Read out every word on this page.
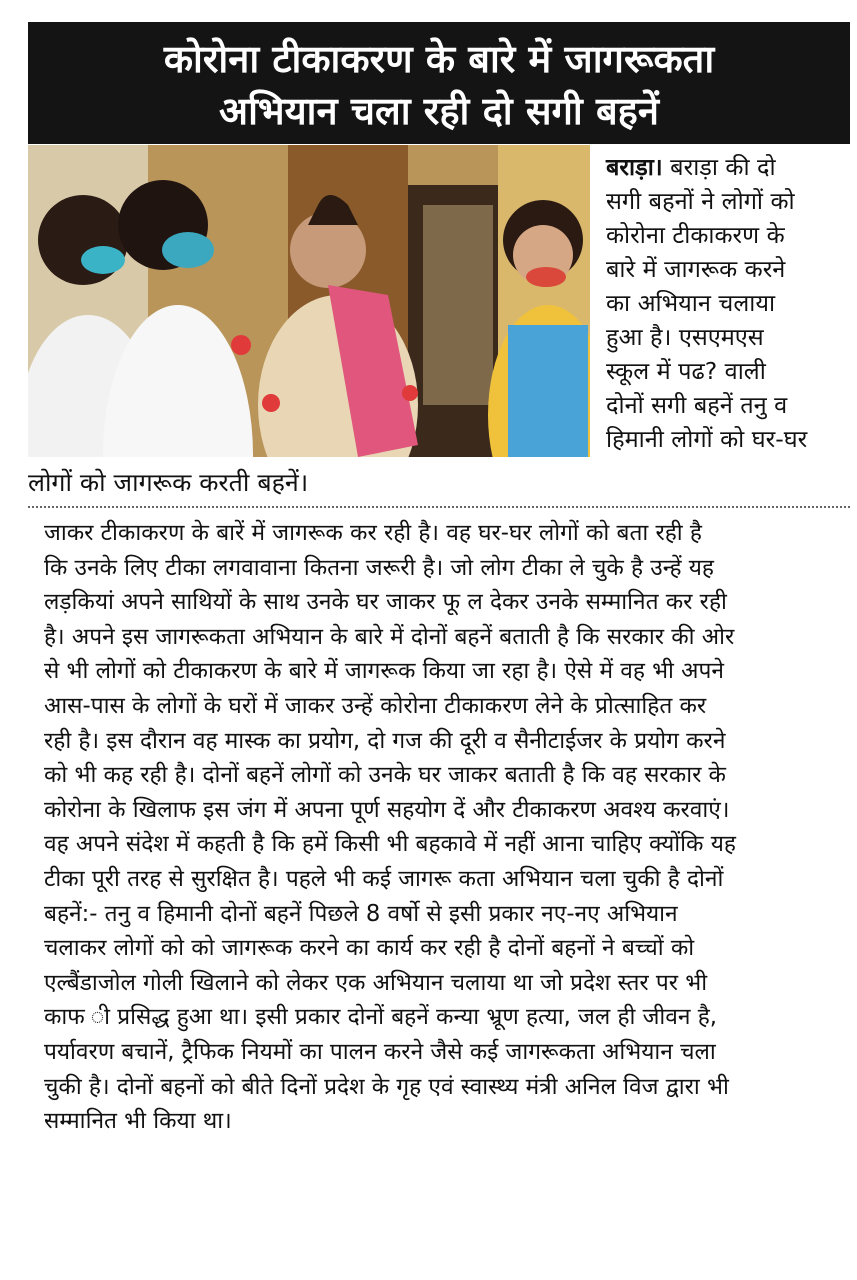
कोरोना टीकाकरण के बारे में जागरूकता
अभियान चला रही दो सगी बहनें
लोगों को जागरूक करती बहनें।
बराड़ा। बराड़ा की दो
सगी बहनों ने लोगों को
कोरोना टीकाकरण के
बारे में जागरूक करने
का अभियान चलाया
हुआ है। एसएमएस
स्कूल में पढ? वाली
दोनों सगी बहनें तनु व
हिमानी लोगों को घर-घर
जाकर टीकाकरण के बारें में जागरूक कर रही है। वह घर-घर लोगों को बता रही है
कि उनके लिए टीका लगवावाना कितना जरूरी है। जो लोग टीका ले चुके है उन्हें यह
लड़कियां अपने साथियों के साथ उनके घर जाकर फू ल देकर उनके सम्मानित कर रही
है। अपने इस जागरूकता अभियान के बारे में दोनों बहनें बताती है कि सरकार की ओर
से भी लोगों को टीकाकरण के बारे में जागरूक किया जा रहा है। ऐसे में वह भी अपने
आस-पास के लोगों के घरों में जाकर उन्हें कोरोना टीकाकरण लेने के प्रोत्साहित कर
रही है। इस दौरान वह मास्क का प्रयोग, दो गज की दूरी व सैनीटाईजर के प्रयोग करने
को भी कह रही है। दोनों बहनें लोगों को उनके घर जाकर बताती है कि वह सरकार के
कोरोना के खिलाफ इस जंग में अपना पूर्ण सहयोग दें और टीकाकरण अवश्य करवाएं।
वह अपने संदेश में कहती है कि हमें किसी भी बहकावे में नहीं आना चाहिए क्योंकि यह
टीका पूरी तरह से सुरक्षित है। पहले भी कई जागरू कता अभियान चला चुकी है दोनों
बहनें:- तनु व हिमानी दोनों बहनें पिछले 8 वर्षो से इसी प्रकार नए-नए अभियान
चलाकर लोगों को को जागरूक करने का कार्य कर रही है दोनों बहनों ने बच्चों को
एल्बैंडाजोल गोली खिलाने को लेकर एक अभियान चलाया था जो प्रदेश स्तर पर भी
काफ ी प्रसिद्ध हुआ था। इसी प्रकार दोनों बहनें कन्या भ्रूण हत्या, जल ही जीवन है,
पर्यावरण बचानें, ट्रैफिक नियमों का पालन करने जैसे कई जागरूकता अभियान चला
चुकी है। दोनों बहनों को बीते दिनों प्रदेश के गृह एवं स्वास्थ्य मंत्री अनिल विज द्वारा भी
सम्मानित भी किया था।
